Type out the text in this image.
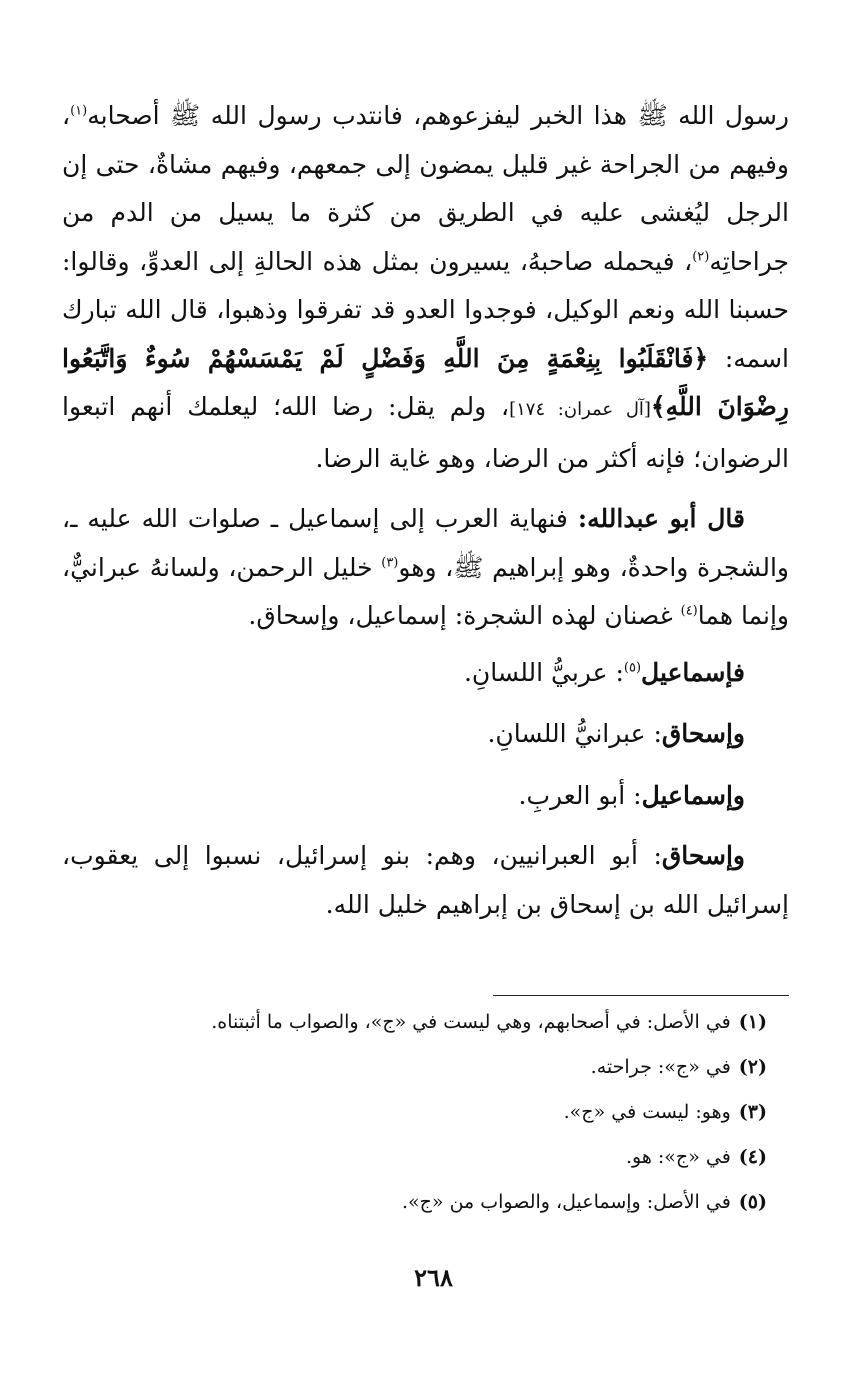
رسول الله ﷺ هذا الخبر ليفزعوهم، فانتدب رسول الله ﷺ أصحابه$^{(١)}$، وفيهم من الجراحة غير قليل يمضون إلى جمعهم، وفيهم مشاةٌ، حتى إن الرجل ليُغشى عليه في الطريق من كثرة ما يسيل من الدم من جراحاتِه$^{(٢)}$، فيحمله صاحبهُ، يسيرون بمثل هذه الحالةِ إلى العدوِّ، وقالوا: حسبنا الله ونعم الوكيل، فوجدوا العدو قد تفرقوا وذهبوا، قال الله تبارك اسمه: ﴿فَانْقَلَبُوا بِنِعْمَةٍ مِنَ اللَّهِ وَفَضْلٍ لَمْ يَمْسَسْهُمْ سُوءٌ وَاتَّبَعُوا رِضْوَانَ اللَّهِ﴾[آل عمران: ١٧٤]، ولم يقل: رضا الله؛ ليعلمك أنهم اتبعوا الرضوان؛ فإنه أكثر من الرضا، وهو غاية الرضا.

قال أبو عبدالله: فنهاية العرب إلى إسماعيل ـ صلوات الله عليه ـ، والشجرة واحدةٌ، وهو إبراهيم ﷺ، وهو$^{(٣)}$ خليل الرحمن، ولسانهُ عبرانيٌّ، وإنما هما$^{(٤)}$ غصنان لهذه الشجرة: إسماعيل، وإسحاق.

فإسماعيل$^{(٥)}$: عربيُّ اللسانِ.

وإسحاق: عبرانيُّ اللسانِ.

وإسماعيل: أبو العربِ.

وإسحاق: أبو العبرانيين، وهم: بنو إسرائيل، نسبوا إلى يعقوب، إسرائيل الله بن إسحاق بن إبراهيم خليل الله.

(١)في الأصل: في أصحابهم، وهي ليست في «ج»، والصواب ما أثبتناه.

(٢)في «ج»: جراحته.

(٣)وهو: ليست في «ج».

(٤)في «ج»: هو.

(٥)في الأصل: وإسماعيل، والصواب من «ج».

٢٦٨
